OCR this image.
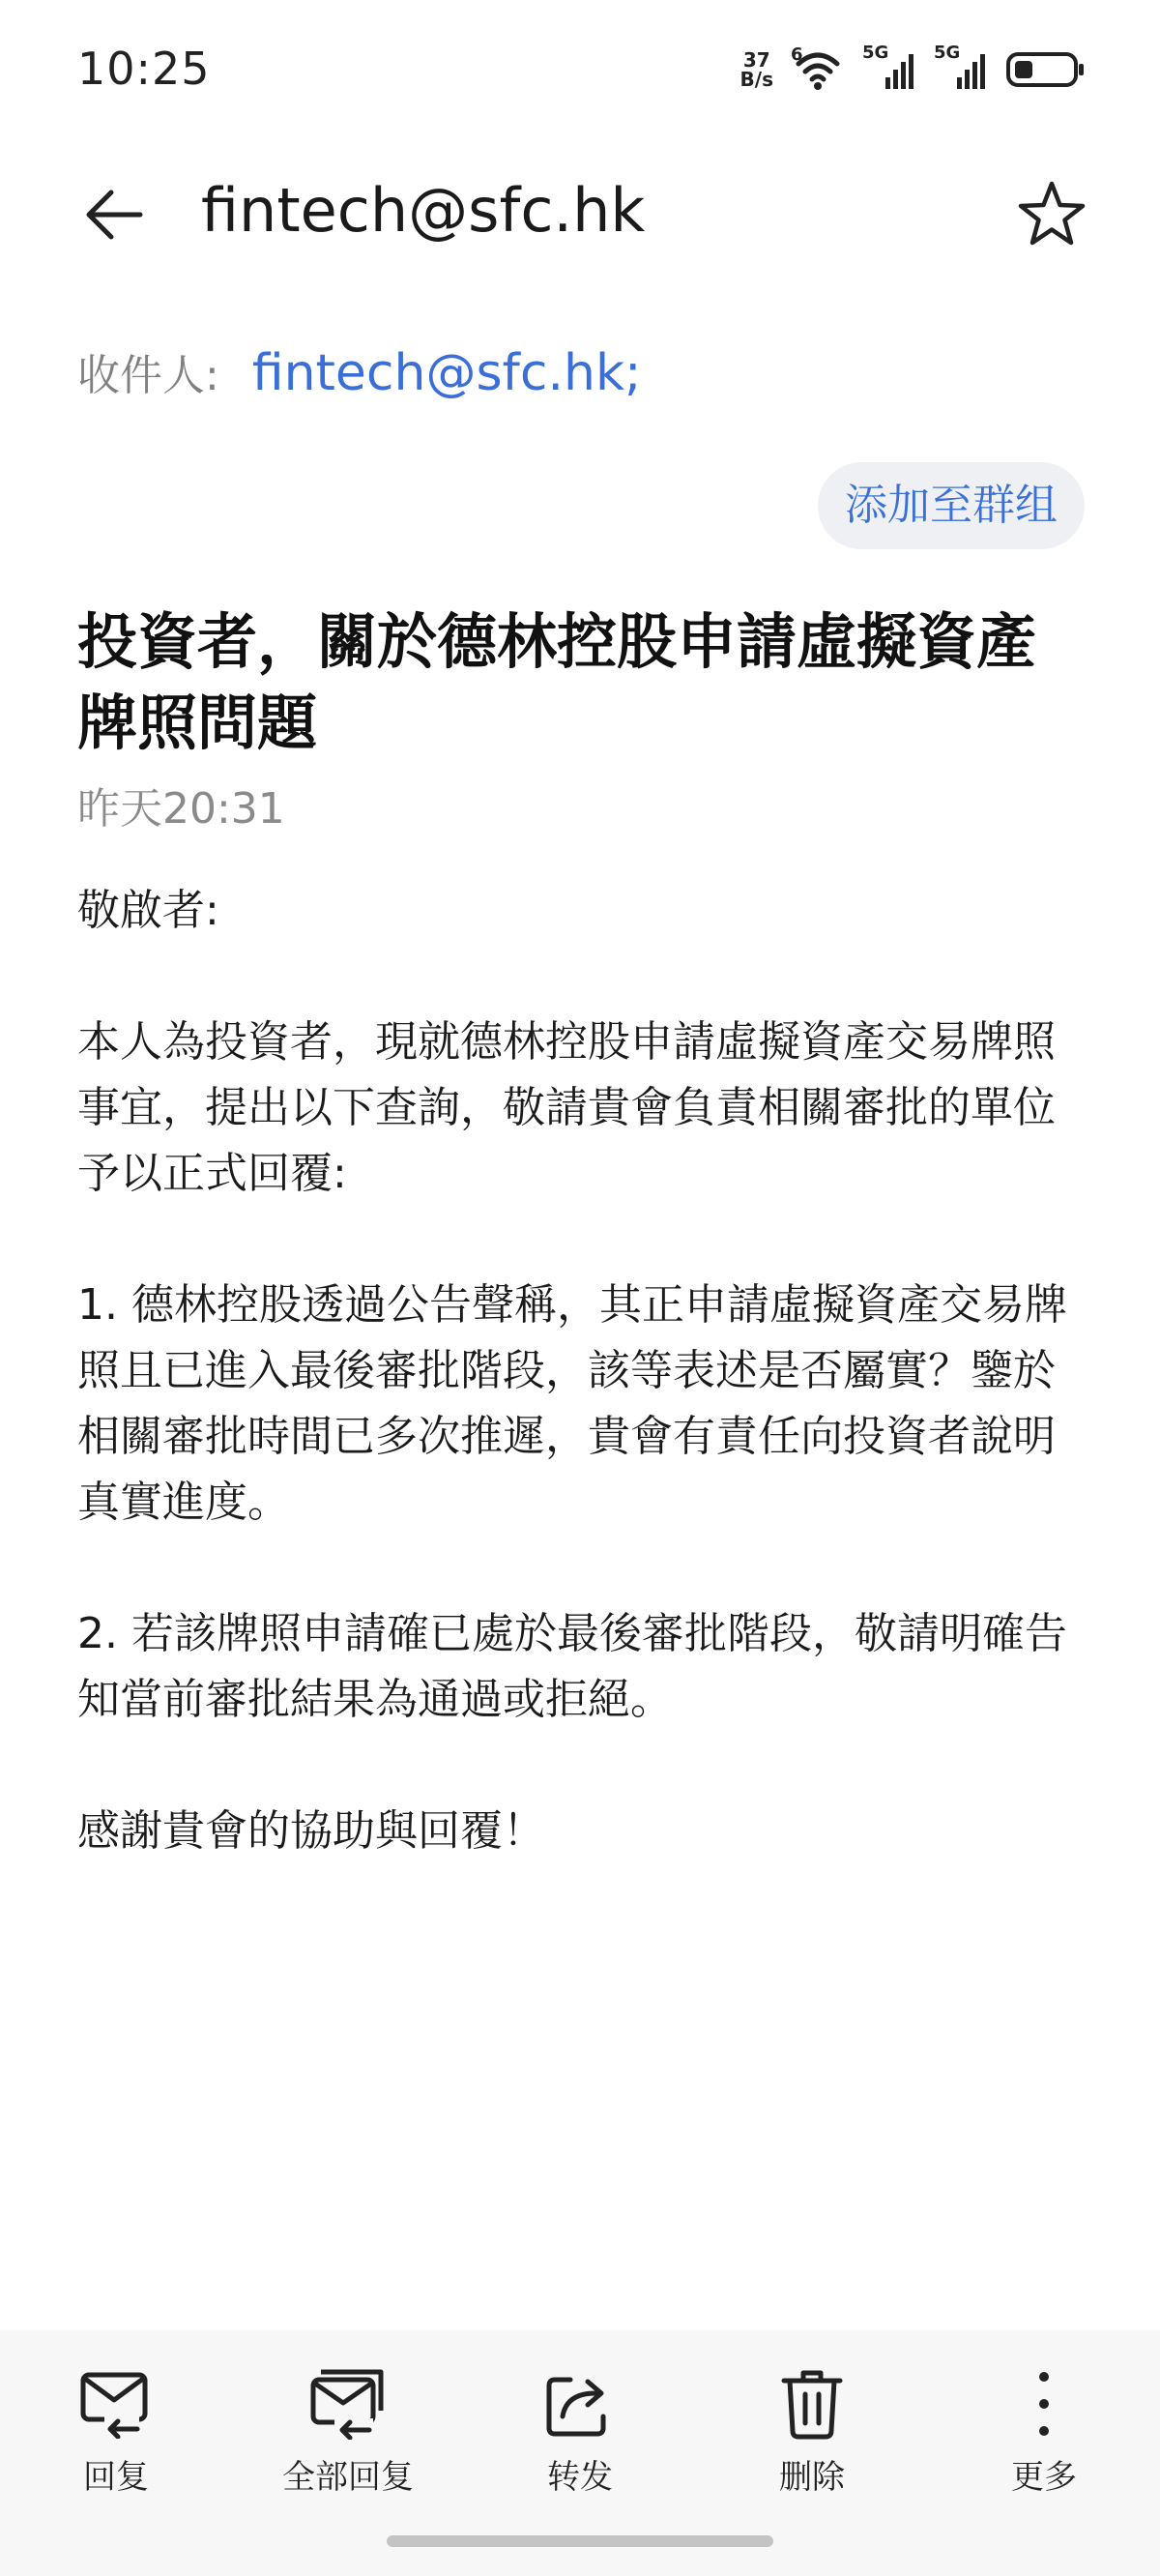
10:25	37
B/s
6	5G	5G
fintech@sfc.hk
收件人: fintech@sfc.hk;
添加至群组
投資者，關於德林控股申請虛擬資產牌照問題
昨天20:31

敬啟者:

本人為投資者，現就德林控股申請虛擬資產交易牌照事宜，提出以下查詢，敬請貴會負責相關審批的單位予以正式回覆:

1. 德林控股透過公告聲稱，其正申請虛擬資產交易牌照且已進入最後審批階段，該等表述是否屬實？鑒於相關審批時間已多次推遲，貴會有責任向投資者說明真實進度。

2. 若該牌照申請確已處於最後審批階段，敬請明確告知當前審批結果為通過或拒絕。

感謝貴會的協助與回覆！

回复	全部回复	转发	删除	更多
